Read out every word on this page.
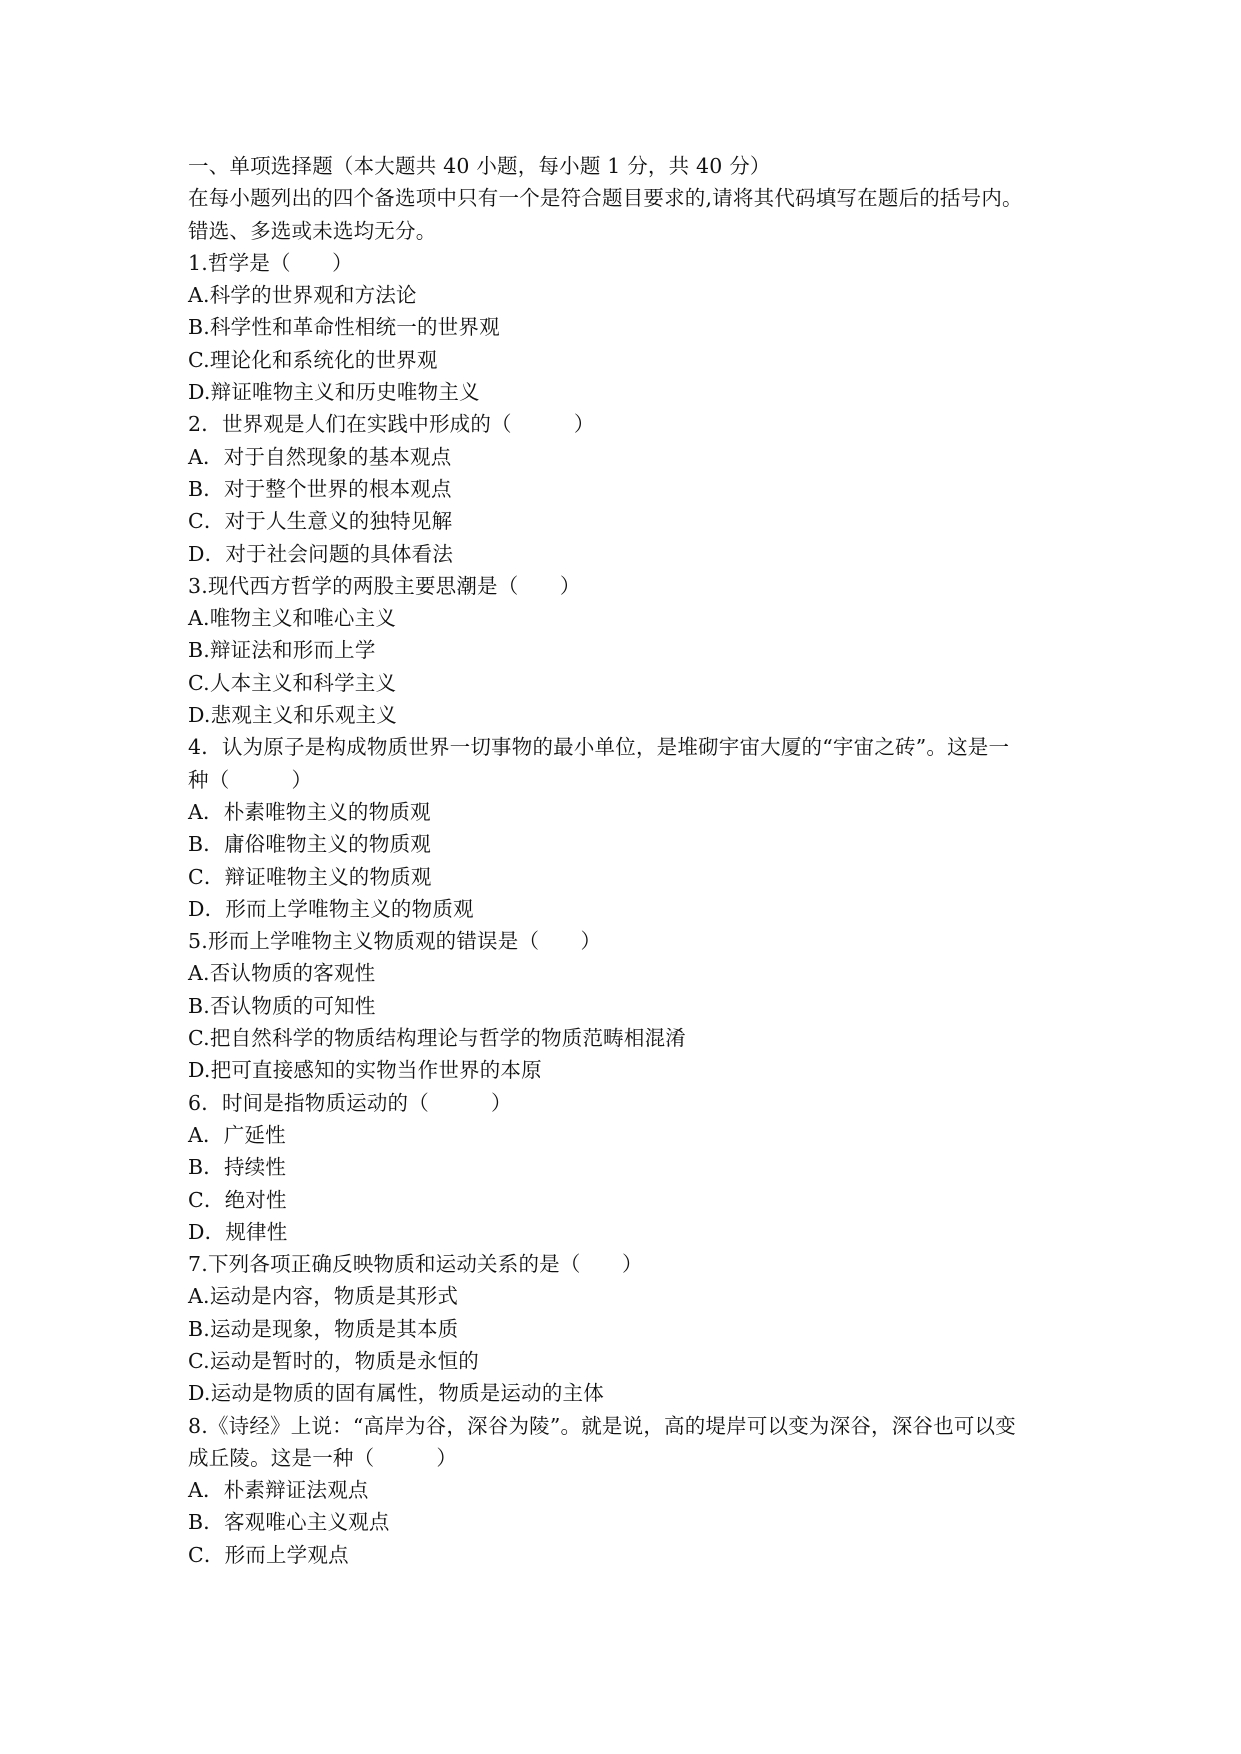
一、单项选择题（本大题共 40 小题，每小题 1 分，共 40 分）
在每小题列出的四个备选项中只有一个是符合题目要求的,请将其代码填写在题后的括号内。
错选、多选或未选均无分。
1.哲学是（　　）
A.科学的世界观和方法论
B.科学性和革命性相统一的世界观
C.理论化和系统化的世界观
D.辩证唯物主义和历史唯物主义
2．世界观是人们在实践中形成的（　　　）
A．对于自然现象的基本观点
B．对于整个世界的根本观点
C．对于人生意义的独特见解
D．对于社会问题的具体看法
3.现代西方哲学的两股主要思潮是（　　）
A.唯物主义和唯心主义
B.辩证法和形而上学
C.人本主义和科学主义
D.悲观主义和乐观主义
4．认为原子是构成物质世界一切事物的最小单位，是堆砌宇宙大厦的“宇宙之砖”。这是一
种（　　　）
A．朴素唯物主义的物质观
B．庸俗唯物主义的物质观
C．辩证唯物主义的物质观
D．形而上学唯物主义的物质观
5.形而上学唯物主义物质观的错误是（　　）
A.否认物质的客观性
B.否认物质的可知性
C.把自然科学的物质结构理论与哲学的物质范畴相混淆
D.把可直接感知的实物当作世界的本原
6．时间是指物质运动的（　　　）
A．广延性
B．持续性
C．绝对性
D．规律性
7.下列各项正确反映物质和运动关系的是（　　）
A.运动是内容，物质是其形式
B.运动是现象，物质是其本质
C.运动是暂时的，物质是永恒的
D.运动是物质的固有属性，物质是运动的主体
8.《诗经》上说：“高岸为谷，深谷为陵”。就是说，高的堤岸可以变为深谷，深谷也可以变
成丘陵。这是一种（　　　）
A．朴素辩证法观点
B．客观唯心主义观点
C．形而上学观点
